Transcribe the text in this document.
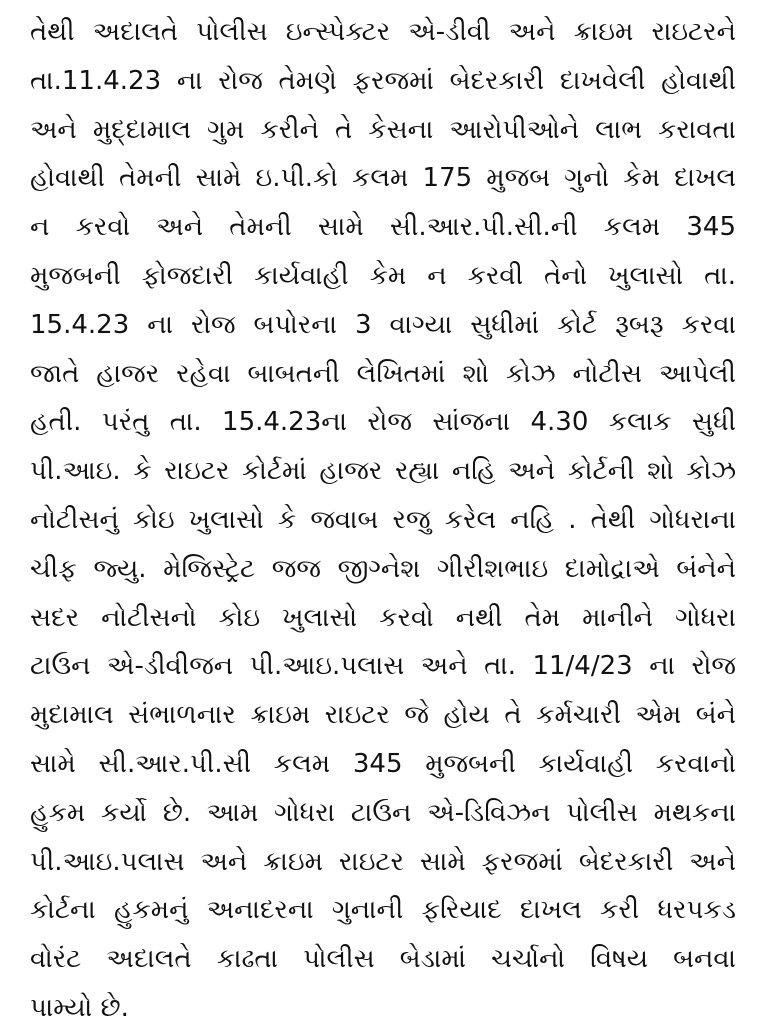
તેથી અદાલતે પોલીસ ઇન્સ્પેક્ટર એ-ડીવી અને ક્રાઇમ રાઇટરને
તા.11.4.23 ના રોજ તેમણે ફરજમાં બેદરકારી દાખવેલી હોવાથી
અને મુદ્દામાલ ગુમ કરીને તે કેસના આરોપીઓને લાભ કરાવતા
હોવાથી તેમની સામે ઇ.પી.કો કલમ 175 મુજબ ગુનો કેમ દાખલ
ન કરવો અને તેમની સામે સી.આર.પી.સી.ની કલમ 345
મુજબની ફોજદારી કાર્યવાહી કેમ ન કરવી તેનો ખુલાસો તા.
15.4.23 ના રોજ બપોરના 3 વાગ્યા સુધીમાં કોર્ટ રૂબરૂ કરવા
જાતે હાજર રહેવા બાબતની લેખિતમાં શો કોઝ નોટીસ આપેલી
હતી. પરંતુ તા. 15.4.23ના રોજ સાંજના 4.30 કલાક સુધી
પી.આઇ. કે રાઇટર કોર્ટમાં હાજર રહ્યા નહિ અને કોર્ટની શો કોઝ
નોટીસનું કોઇ ખુલાસો કે જવાબ રજુ કરેલ નહિ . તેથી ગોધરાના
ચીફ જ્યુ. મેજિસ્ટ્રેટ જજ જીગ્નેશ ગીરીશભાઇ દામોદ્રાએ બંનેને
સદર નોટીસનો કોઇ ખુલાસો કરવો નથી તેમ માનીને ગોધરા
ટાઉન એ-ડીવીજન પી.આઇ.પલાસ અને તા. 11/4/23 ના રોજ
મુદામાલ સંભાળનાર ક્રાઇમ રાઇટર જે હોય તે કર્મચારી એમ બંને
સામે સી.આર.પી.સી કલમ 345 મુજબની કાર્યવાહી કરવાનો
હુકમ કર્યો છે. આમ ગોધરા ટાઉન એ-ડિવિઝન પોલીસ મથકના
પી.આઇ.પલાસ અને ક્રાઇમ રાઇટર સામે ફરજમાં બેદરકારી અને
કોર્ટના હુકમનું અનાદરના ગુનાની ફરિયાદ દાખલ કરી ધરપકડ
વોરંટ અદાલતે કાઢતા પોલીસ બેડામાં ચર્ચાનો વિષય બનવા
પામ્યો છે.
